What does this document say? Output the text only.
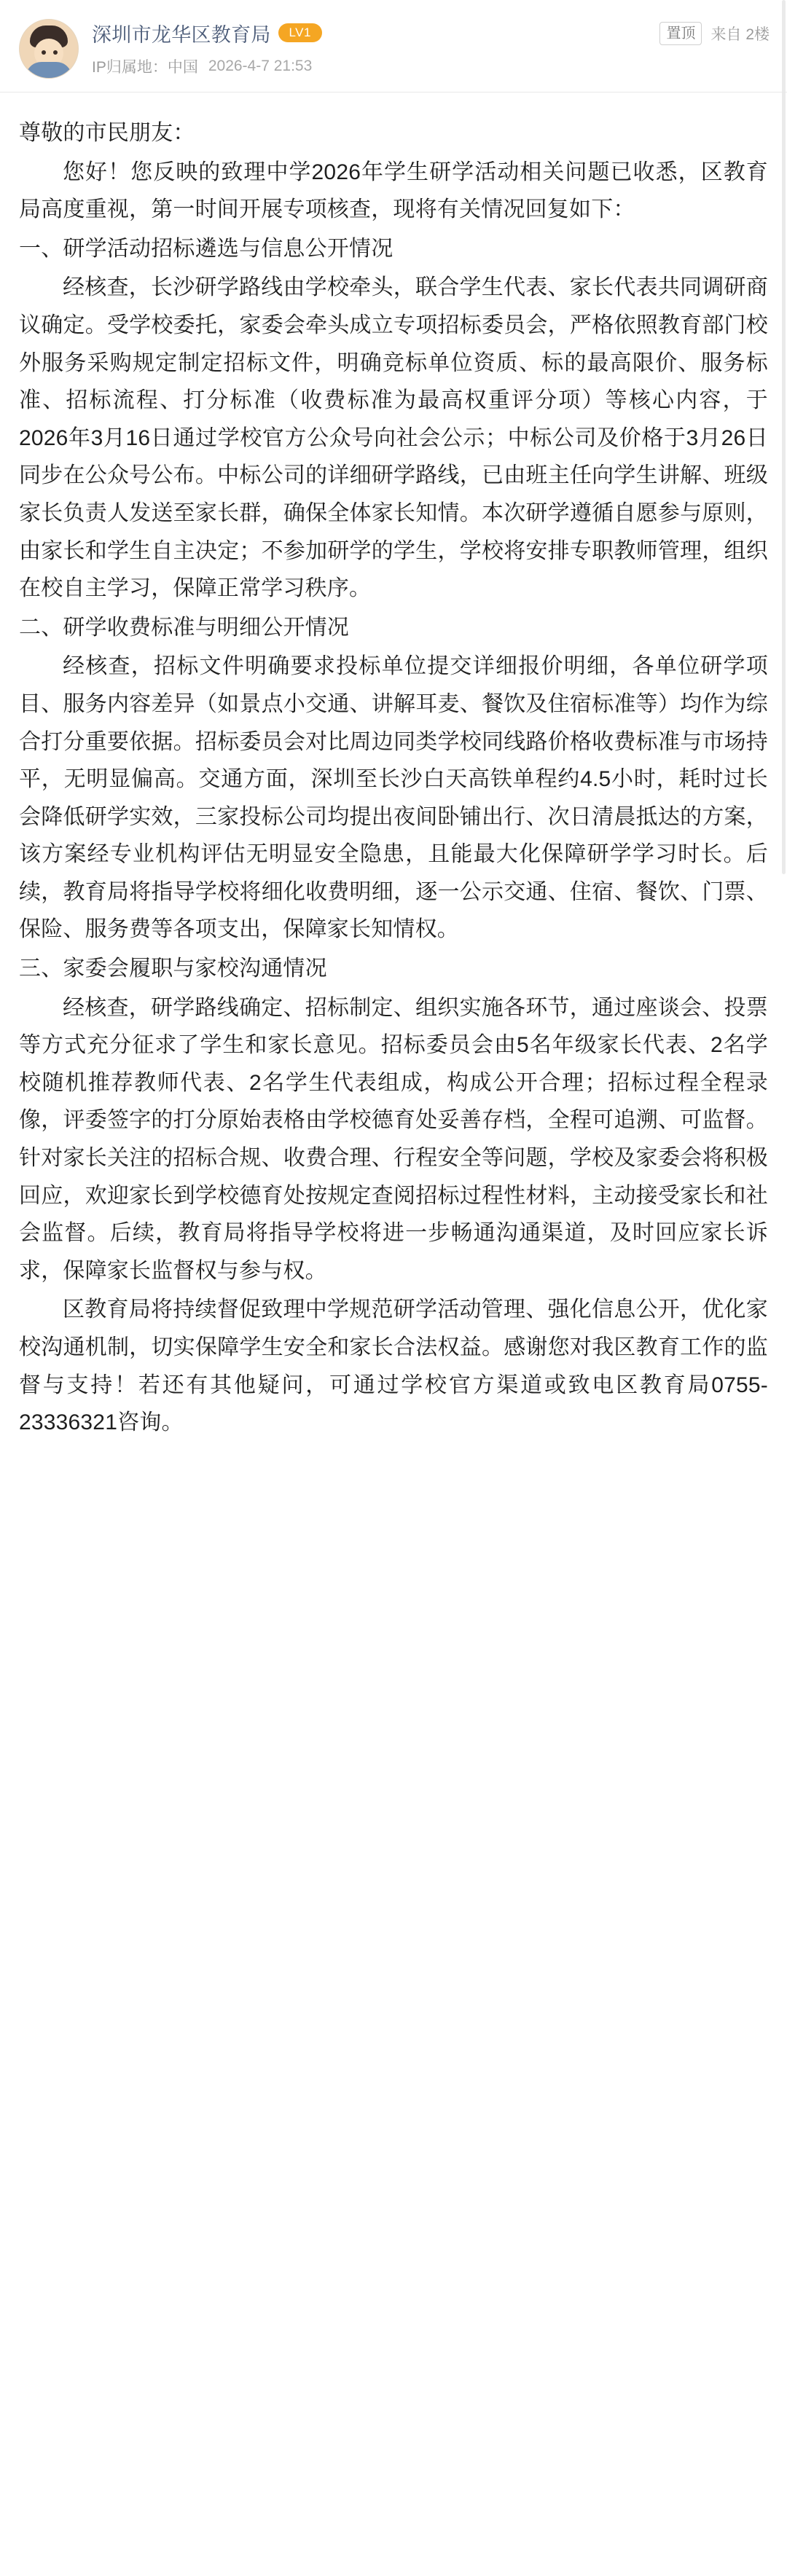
深圳市龙华区教育局	LV1
IP归属地：中国 2026-4-7 21:53
置顶	来自 2楼

尊敬的市民朋友：

您好！您反映的致理中学2026年学生研学活动相关问题已收悉，区教育局高度重视，第一时间开展专项核查，现将有关情况回复如下：

一、研学活动招标遴选与信息公开情况

经核查，长沙研学路线由学校牵头，联合学生代表、家长代表共同调研商议确定。受学校委托，家委会牵头成立专项招标委员会，严格依照教育部门校外服务采购规定制定招标文件，明确竞标单位资质、标的最高限价、服务标准、招标流程、打分标准（收费标准为最高权重评分项）等核心内容，于2026年3月16日通过学校官方公众号向社会公示；中标公司及价格于3月26日同步在公众号公布。中标公司的详细研学路线，已由班主任向学生讲解、班级家长负责人发送至家长群，确保全体家长知情。本次研学遵循自愿参与原则，由家长和学生自主决定；不参加研学的学生，学校将安排专职教师管理，组织在校自主学习，保障正常学习秩序。

二、研学收费标准与明细公开情况

经核查，招标文件明确要求投标单位提交详细报价明细，各单位研学项目、服务内容差异（如景点小交通、讲解耳麦、餐饮及住宿标准等）均作为综合打分重要依据。招标委员会对比周边同类学校同线路价格收费标准与市场持平，无明显偏高。交通方面，深圳至长沙白天高铁单程约4.5小时，耗时过长会降低研学实效，三家投标公司均提出夜间卧铺出行、次日清晨抵达的方案，该方案经专业机构评估无明显安全隐患，且能最大化保障研学学习时长。后续，教育局将指导学校将细化收费明细，逐一公示交通、住宿、餐饮、门票、保险、服务费等各项支出，保障家长知情权。

三、家委会履职与家校沟通情况

经核查，研学路线确定、招标制定、组织实施各环节，通过座谈会、投票等方式充分征求了学生和家长意见。招标委员会由5名年级家长代表、2名学校随机推荐教师代表、2名学生代表组成，构成公开合理；招标过程全程录像，评委签字的打分原始表格由学校德育处妥善存档，全程可追溯、可监督。针对家长关注的招标合规、收费合理、行程安全等问题，学校及家委会将积极回应，欢迎家长到学校德育处按规定查阅招标过程性材料，主动接受家长和社会监督。后续，教育局将指导学校将进一步畅通沟通渠道，及时回应家长诉求，保障家长监督权与参与权。

区教育局将持续督促致理中学规范研学活动管理、强化信息公开，优化家校沟通机制，切实保障学生安全和家长合法权益。感谢您对我区教育工作的监督与支持！若还有其他疑问，可通过学校官方渠道或致电区教育局0755-23336321咨询。
